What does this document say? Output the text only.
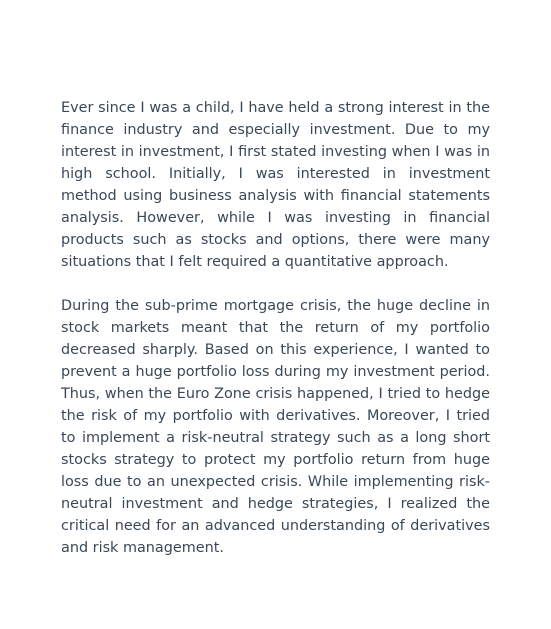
Ever since I was a child, I have held a strong interest in the finance industry and especially investment. Due to my interest in investment, I first stated investing when I was in high school. Initially, I was interested in investment method using business analysis with financial statements analysis. However, while I was investing in financial products such as stocks and options, there were many situations that I felt required a quantitative approach.

During the sub-prime mortgage crisis, the huge decline in stock markets meant that the return of my portfolio decreased sharply. Based on this experience, I wanted to prevent a huge portfolio loss during my investment period. Thus, when the Euro Zone crisis happened, I tried to hedge the risk of my portfolio with derivatives. Moreover, I tried to implement a risk-neutral strategy such as a long short stocks strategy to protect my portfolio return from huge loss due to an unexpected crisis. While implementing risk-neutral investment and hedge strategies, I realized the critical need for an advanced understanding of derivatives and risk management.
